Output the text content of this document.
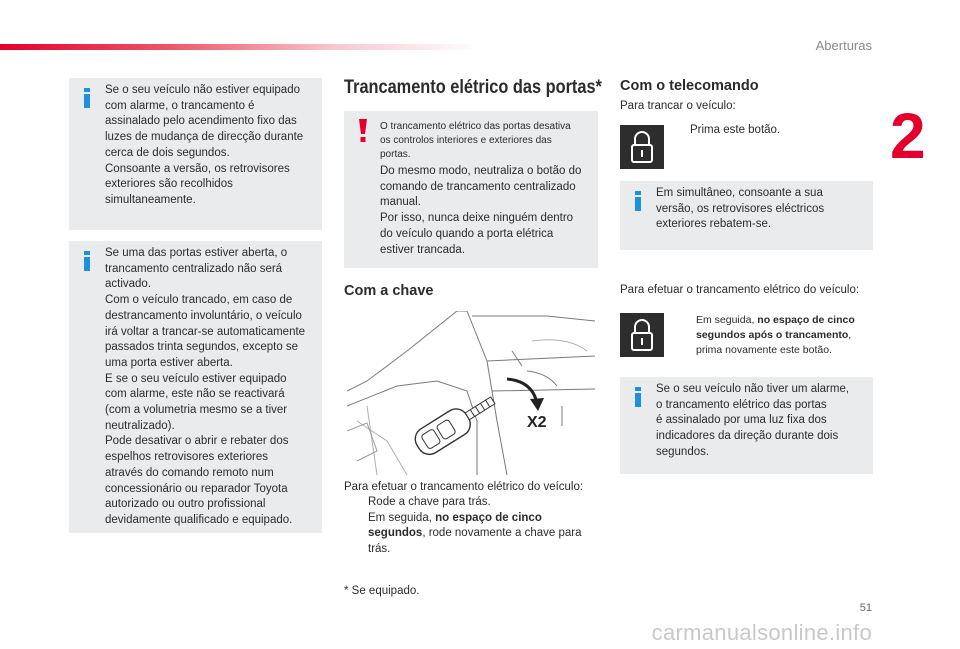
Aberturas
2

Se o seu veículo não estiver equipado

com alarme, o trancamento é

assinalado pelo acendimento fixo das

luzes de mudança de direcção durante

cerca de dois segundos.

Consoante a versão, os retrovisores

exteriores são recolhidos

simultaneamente.

Se uma das portas estiver aberta, o

trancamento centralizado não será

activado.

Com o veículo trancado, em caso de

destrancamento involuntário, o veículo

irá voltar a trancar-se automaticamente

passados trinta segundos, excepto se

uma porta estiver aberta.

E se o seu veículo estiver equipado

com alarme, este não se reactivará

(com a volumetria mesmo se a tiver

neutralizado).

Pode desativar o abrir e rebater dos

espelhos retrovisores exteriores

através do comando remoto num

concessionário ou reparador Toyota

autorizado ou outro profissional

devidamente qualificado e equipado.

Trancamento elétrico das portas*
O trancamento elétrico das portas desativa
os controlos interiores e exteriores das
portas.
Do mesmo modo, neutraliza o botão do
comando de trancamento centralizado
manual.
Por isso, nunca deixe ninguém dentro
do veículo quando a porta elétrica
estiver trancada.
Com a chave
X2

Para efetuar o trancamento elétrico do veículo:

Rode a chave para trás.
Em seguida, no espaço de cinco
segundos, rode novamente a chave para
trás.

* Se equipado.

Com o telecomando

Para trancar o veículo:

Prima este botão.

Em simultâneo, consoante a sua

versão, os retrovisores eléctricos

exteriores rebatem-se.

Para efetuar o trancamento elétrico do veículo:

Em seguida, no espaço de cinco
segundos após o trancamento,
prima novamente este botão.

Se o seu veículo não tiver um alarme,

o trancamento elétrico das portas

é assinalado por uma luz fixa dos

indicadores da direção durante dois

segundos.

51
carmanualsonline.info
